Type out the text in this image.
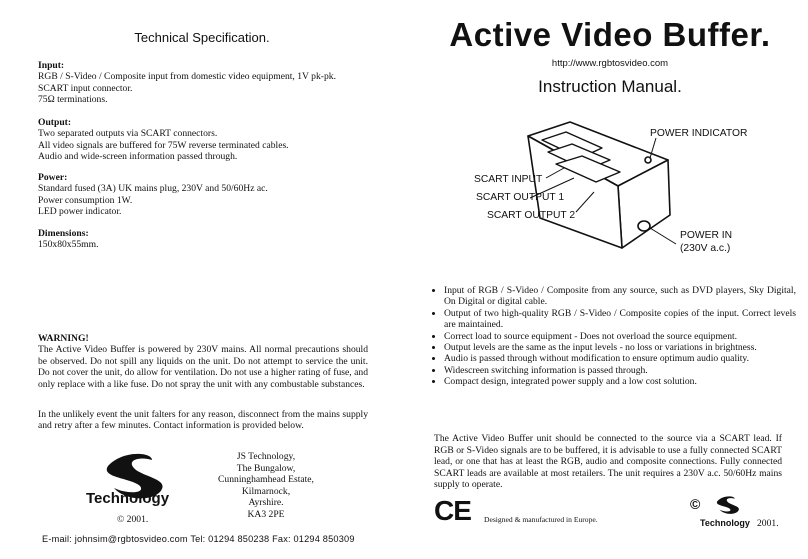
Technical Specification.
Input:
RGB / S-Video / Composite input from domestic video equipment, 1V pk-pk.
SCART input connector.
75Ω terminations.
Output:
Two separated outputs via SCART connectors.
All video signals are buffered for 75W reverse terminated cables.
Audio and wide-screen information passed through.
Power:
Standard fused (3A) UK mains plug, 230V and 50/60Hz ac.
Power consumption 1W.
LED power indicator.
Dimensions:
150x80x55mm.
WARNING!
The Active Video Buffer is powered by 230V mains. All normal precautions should be observed. Do not spill any liquids on the unit. Do not attempt to service the unit. Do not cover the unit, do allow for ventilation. Do not use a higher rating of fuse, and only replace with a like fuse. Do not spray the unit with any combustable substances.
In the unlikely event the unit falters for any reason, disconnect from the mains supply and retry after a few minutes. Contact information is provided below.
Technology
© 2001.
JS Technology,
The Bungalow,
Cunninghamhead Estate,
Kilmarnock,
Ayrshire.
KA3 2PE
E-mail: johnsim@rgbtosvideo.com Tel: 01294 850238 Fax: 01294 850309
Active Video Buffer.
http://www.rgbtosvideo.com
Instruction Manual.
POWER INDICATOR
SCART INPUT
SCART OUTPUT 1
SCART OUTPUT 2
POWER IN
(230V a.c.)
• Input of RGB / S-Video / Composite from any source, such as DVD players, Sky Digital, On Digital or digital cable.
• Output of two high-quality RGB / S-Video / Composite copies of the input. Correct levels are maintained.
• Correct load to source equipment - Does not overload the source equipment.
• Output levels are the same as the input levels - no loss or variations in brightness.
• Audio is passed through without modification to ensure optimum audio quality.
• Widescreen switching information is passed through.
• Compact design, integrated power supply and a low cost solution.
The Active Video Buffer unit should be connected to the source via a SCART lead. If RGB or S-Video signals are to be buffered, it is advisable to use a fully connected SCART lead, or one that has at least the RGB, audio and composite connections. Fully connected SCART leads are available at most retailers. The unit requires a 230V a.c. 50/60Hz mains supply to operate.
CE Designed & manufactured in Europe.
©
Technology 2001.
